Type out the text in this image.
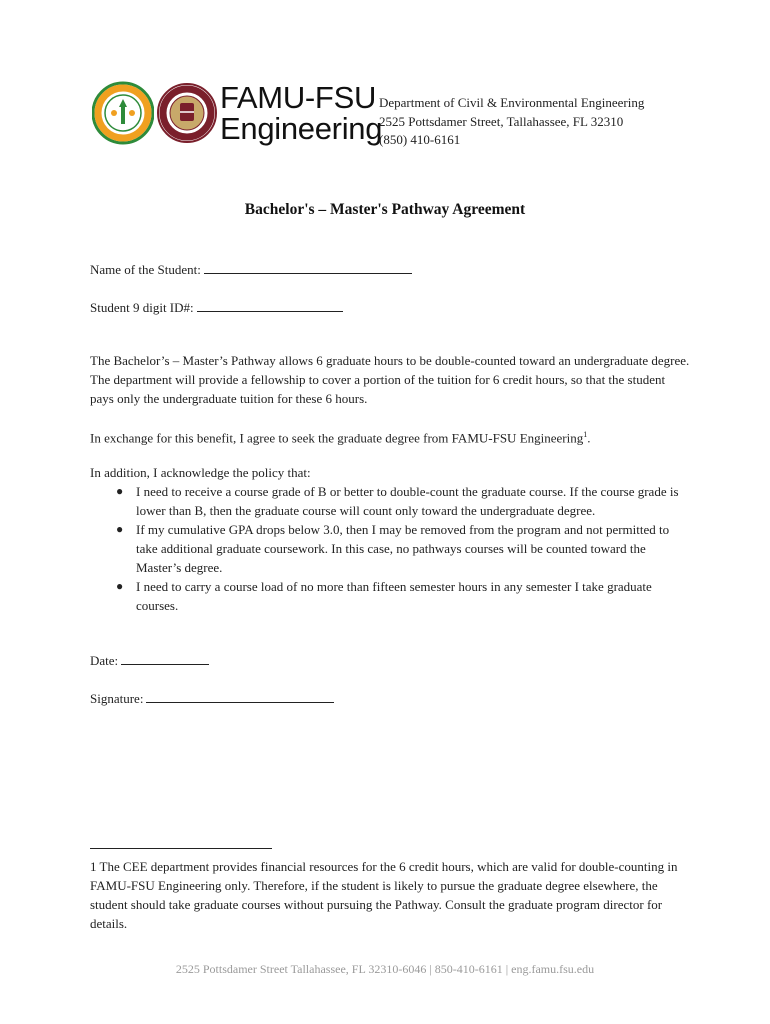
FAMU-FSU
Engineering
Department of Civil & Environmental Engineering
2525 Pottsdamer Street, Tallahassee, FL 32310
(850) 410-6161
Bachelor's – Master's Pathway Agreement
Name of the Student:
Student 9 digit ID#:

The Bachelor’s – Master’s Pathway allows 6 graduate hours to be double-counted toward an undergraduate degree. The department will provide a fellowship to cover a portion of the tuition for 6 credit hours, so that the student pays only the undergraduate tuition for these 6 hours.

In exchange for this benefit, I agree to seek the graduate degree from FAMU-FSU Engineering$^1$.

In addition, I acknowledge the policy that:

● I need to receive a course grade of B or better to double-count the graduate course. If the course grade is lower than B, then the graduate course will count only toward the undergraduate degree.
● If my cumulative GPA drops below 3.0, then I may be removed from the program and not permitted to take additional graduate coursework. In this case, no pathways courses will be counted toward the Master’s degree.
● I need to carry a course load of no more than fifteen semester hours in any semester I take graduate courses.
Date:
Signature:
1 The CEE department provides financial resources for the 6 credit hours, which are valid for double-counting in FAMU-FSU Engineering only. Therefore, if the student is likely to pursue the graduate degree elsewhere, the student should take graduate courses without pursuing the Pathway. Consult the graduate program director for details.
2525 Pottsdamer Street Tallahassee, FL 32310-6046 | 850-410-6161 | eng.famu.fsu.edu
